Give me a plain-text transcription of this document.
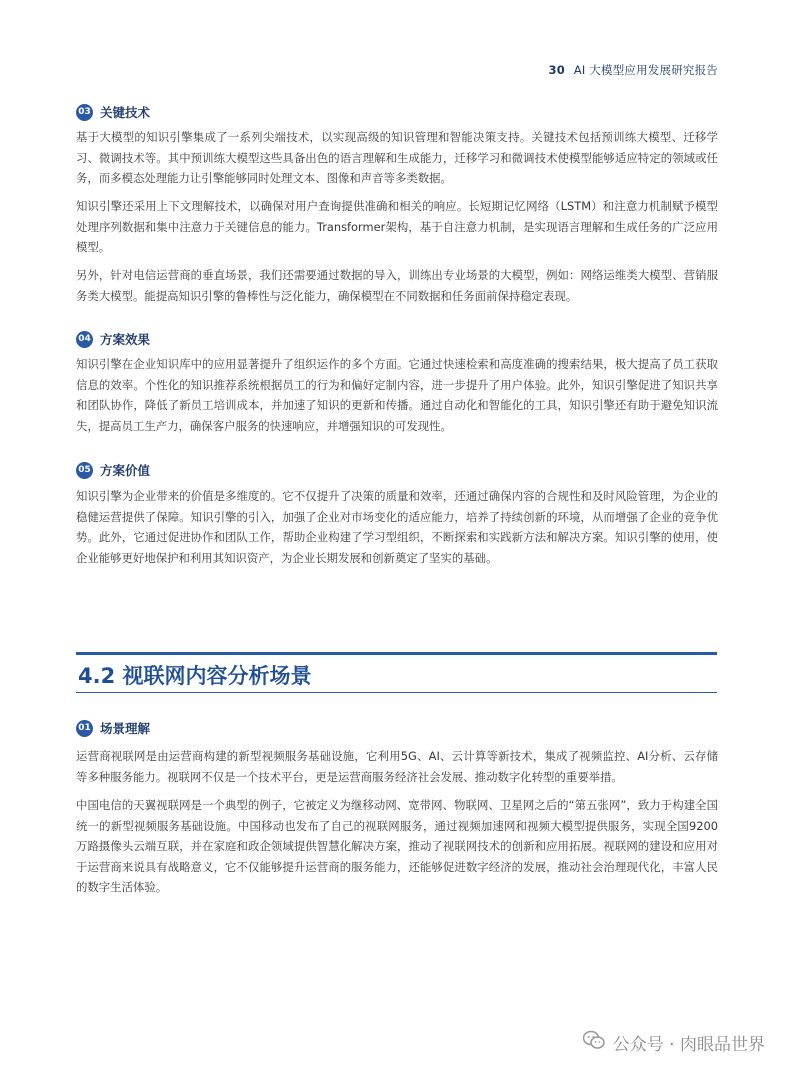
30 AI 大模型应用发展研究报告
03 关键技术

基于大模型的知识引擎集成了一系列尖端技术，以实现高级的知识管理和智能决策支持。关键技术包括预训练大模型、迁移学习、微调技术等。其中预训练大模型这些具备出色的语言理解和生成能力，迁移学习和微调技术使模型能够适应特定的领域或任务，而多模态处理能力让引擎能够同时处理文本、图像和声音等多类数据。

知识引擎还采用上下文理解技术，以确保对用户查询提供准确和相关的响应。长短期记忆网络（LSTM）和注意力机制赋予模型处理序列数据和集中注意力于关键信息的能力。Transformer架构，基于自注意力机制，是实现语言理解和生成任务的广泛应用模型。

另外，针对电信运营商的垂直场景，我们还需要通过数据的导入，训练出专业场景的大模型，例如：网络运维类大模型、营销服务类大模型。能提高知识引擎的鲁棒性与泛化能力，确保模型在不同数据和任务面前保持稳定表现。

04 方案效果

知识引擎在企业知识库中的应用显著提升了组织运作的多个方面。它通过快速检索和高度准确的搜索结果，极大提高了员工获取信息的效率。个性化的知识推荐系统根据员工的行为和偏好定制内容，进一步提升了用户体验。此外，知识引擎促进了知识共享和团队协作，降低了新员工培训成本，并加速了知识的更新和传播。通过自动化和智能化的工具，知识引擎还有助于避免知识流失，提高员工生产力，确保客户服务的快速响应，并增强知识的可发现性。

05 方案价值

知识引擎为企业带来的价值是多维度的。它不仅提升了决策的质量和效率，还通过确保内容的合规性和及时风险管理，为企业的稳健运营提供了保障。知识引擎的引入，加强了企业对市场变化的适应能力，培养了持续创新的环境，从而增强了企业的竞争优势。此外，它通过促进协作和团队工作，帮助企业构建了学习型组织，不断探索和实践新方法和解决方案。知识引擎的使用，使企业能够更好地保护和利用其知识资产，为企业长期发展和创新奠定了坚实的基础。

4.2 视联网内容分析场景
01 场景理解

运营商视联网是由运营商构建的新型视频服务基础设施，它利用5G、AI、云计算等新技术，集成了视频监控、AI分析、云存储等多种服务能力。视联网不仅是一个技术平台，更是运营商服务经济社会发展、推动数字化转型的重要举措。

中国电信的天翼视联网是一个典型的例子，它被定义为继移动网、宽带网、物联网、卫星网之后的“第五张网”，致力于构建全国统一的新型视频服务基础设施。中国移动也发布了自己的视联网服务，通过视频加速网和视频大模型提供服务，实现全国9200万路摄像头云端互联，并在家庭和政企领域提供智慧化解决方案，推动了视联网技术的创新和应用拓展。视联网的建设和应用对于运营商来说具有战略意义，它不仅能够提升运营商的服务能力，还能够促进数字经济的发展，推动社会治理现代化，丰富人民的数字生活体验。

公众号 · 肉眼品世界
